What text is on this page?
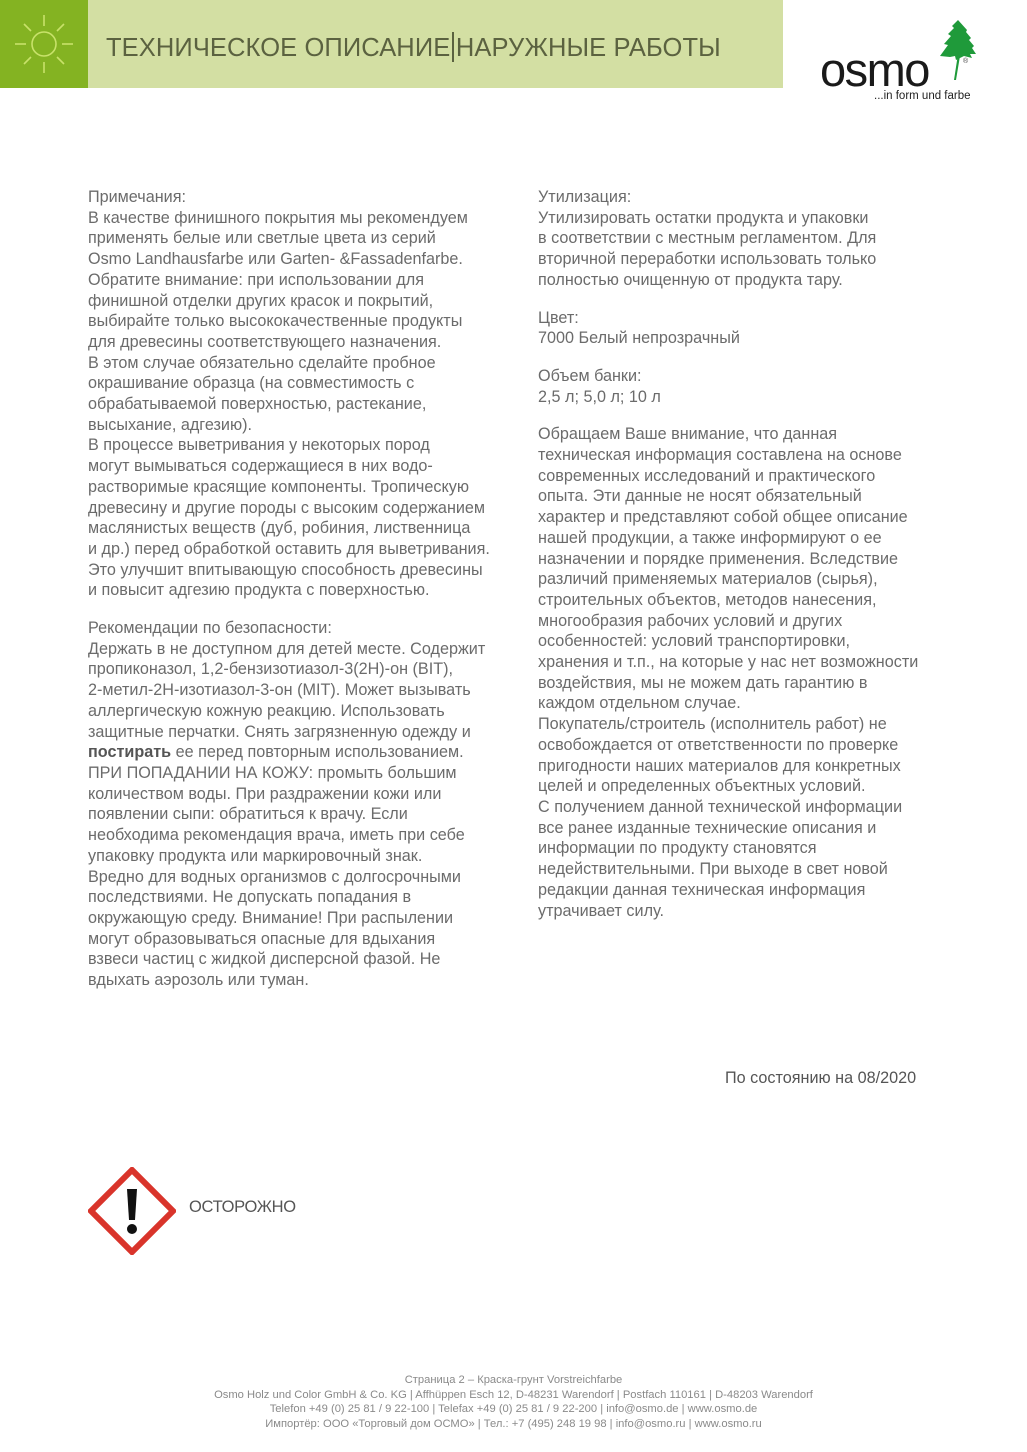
ТЕХНИЧЕСКОЕ ОПИСАНИЕ НАРУЖНЫЕ РАБОТЫ osmo	®
...in form und farbe

Примечания:

В качестве финишного покрытия мы рекомендуем

применять белые или светлые цвета из серий

Osmo Landhausfarbe или Garten- &Fassadenfarbe.

Обратите внимание: при использовании для

финишной отделки других красок и покрытий,

выбирайте только высококачественные продукты

для древесины соответствующего назначения.

В этом случае обязательно сделайте пробное

окрашивание образца (на совместимость с

обрабатываемой поверхностью, растекание,

высыхание, адгезию).

В процессе выветривания у некоторых пород

могут вымываться содержащиеся в них водо-

растворимые красящие компоненты. Тропическую

древесину и другие породы с высоким содержанием

маслянистых веществ (дуб, робиния, лиственница

и др.) перед обработкой оставить для выветривания.

Это улучшит впитывающую способность древесины

и повысит адгезию продукта с поверхностью.

Рекомендации по безопасности:

Держать в не доступном для детей месте. Содержит

пропиконазол, 1,2-бензизотиазол-3(2H)-он (BIT),

2-метил-2H-изотиазол-3-он (MIT). Может вызывать

аллергическую кожную реакцию. Использовать

защитные перчатки. Снять загрязненную одежду и

постирать ее перед повторным использованием.

ПРИ ПОПАДАНИИ НА КОЖУ: промыть большим

количеством воды. При раздражении кожи или

появлении сыпи: обратиться к врачу. Если

необходима рекомендация врача, иметь при себе

упаковку продукта или маркировочный знак.

Вредно для водных организмов с долгосрочными

последствиями. Не допускать попадания в

окружающую среду. Внимание! При распылении

могут образовываться опасные для вдыхания

взвеси частиц с жидкой дисперсной фазой. Не

вдыхать аэрозоль или туман.

Утилизация:

Утилизировать остатки продукта и упаковки

в соответствии с местным регламентом. Для

вторичной переработки использовать только

полностью очищенную от продукта тару.

Цвет:

7000 Белый непрозрачный

Объем банки:

2,5 л; 5,0 л; 10 л

Обращаем Ваше внимание, что данная

техническая информация составлена на основе

современных исследований и практического

опыта. Эти данные не носят обязательный

характер и представляют собой общее описание

нашей продукции, а также информируют о ее

назначении и порядке применения. Вследствие

различий применяемых материалов (сырья),

строительных объектов, методов нанесения,

многообразия рабочих условий и других

особенностей: условий транспортировки,

хранения и т.п., на которые у нас нет возможности

воздействия, мы не можем дать гарантию в

каждом отдельном случае.

Покупатель/строитель (исполнитель работ) не

освобождается от ответственности по проверке

пригодности наших материалов для конкретных

целей и определенных объектных условий.

С получением данной технической информации

все ранее изданные технические описания и

информации по продукту становятся

недействительными. При выходе в свет новой

редакции данная техническая информация

утрачивает силу.

По состоянию на 08/2020
ОСТОРОЖНО
Страница 2 – Краска-грунт Vorstreichfarbe
Osmo Holz und Color GmbH & Co. KG | Affhüppen Esch 12, D-48231 Warendorf | Postfach 110161 | D-48203 Warendorf
Telefon +49 (0) 25 81 / 9 22-100 | Telefax +49 (0) 25 81 / 9 22-200 | info@osmo.de | www.osmo.de
Импортёр: ООО «Торговый дом ОСМО» | Тел.: +7 (495) 248 19 98 | info@osmo.ru | www.osmo.ru
